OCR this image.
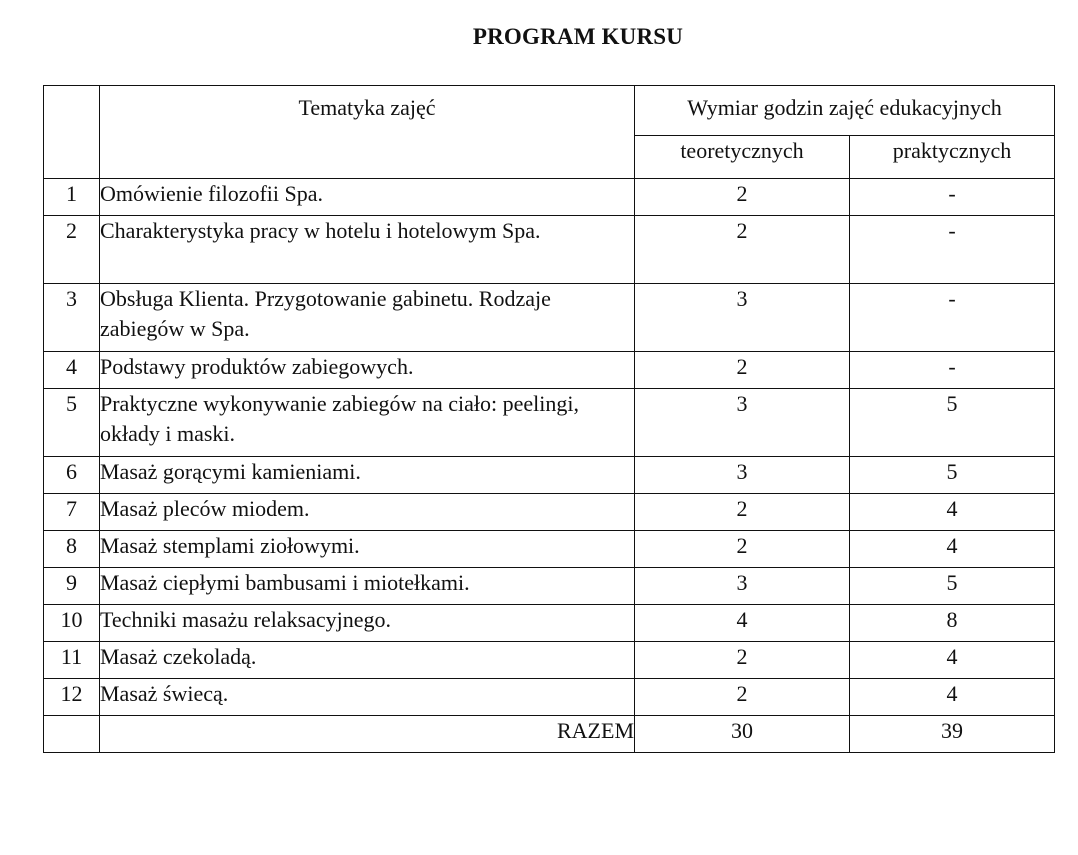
PROGRAM KURSU
	Tematyka zajęć	Wymiar godzin zajęć edukacyjnych	
		teoretycznych	praktycznych
1	Omówienie filozofii Spa.	2	-
2	Charakterystyka pracy w hotelu i hotelowym Spa.	2	-
3	Obsługa Klienta. Przygotowanie gabinetu. Rodzaje zabiegów w Spa.	3	-
4	Podstawy produktów zabiegowych.	2	-
5	Praktyczne wykonywanie zabiegów na ciało: peelingi, okłady i maski.	3	5
6	Masaż gorącymi kamieniami.	3	5
7	Masaż pleców miodem.	2	4
8	Masaż stemplami ziołowymi.	2	4
9	Masaż ciepłymi bambusami i miotełkami.	3	5
10	Techniki masażu relaksacyjnego.	4	8
11	Masaż czekoladą.	2	4
12	Masaż świecą.	2	4
	RAZEM	30	39
